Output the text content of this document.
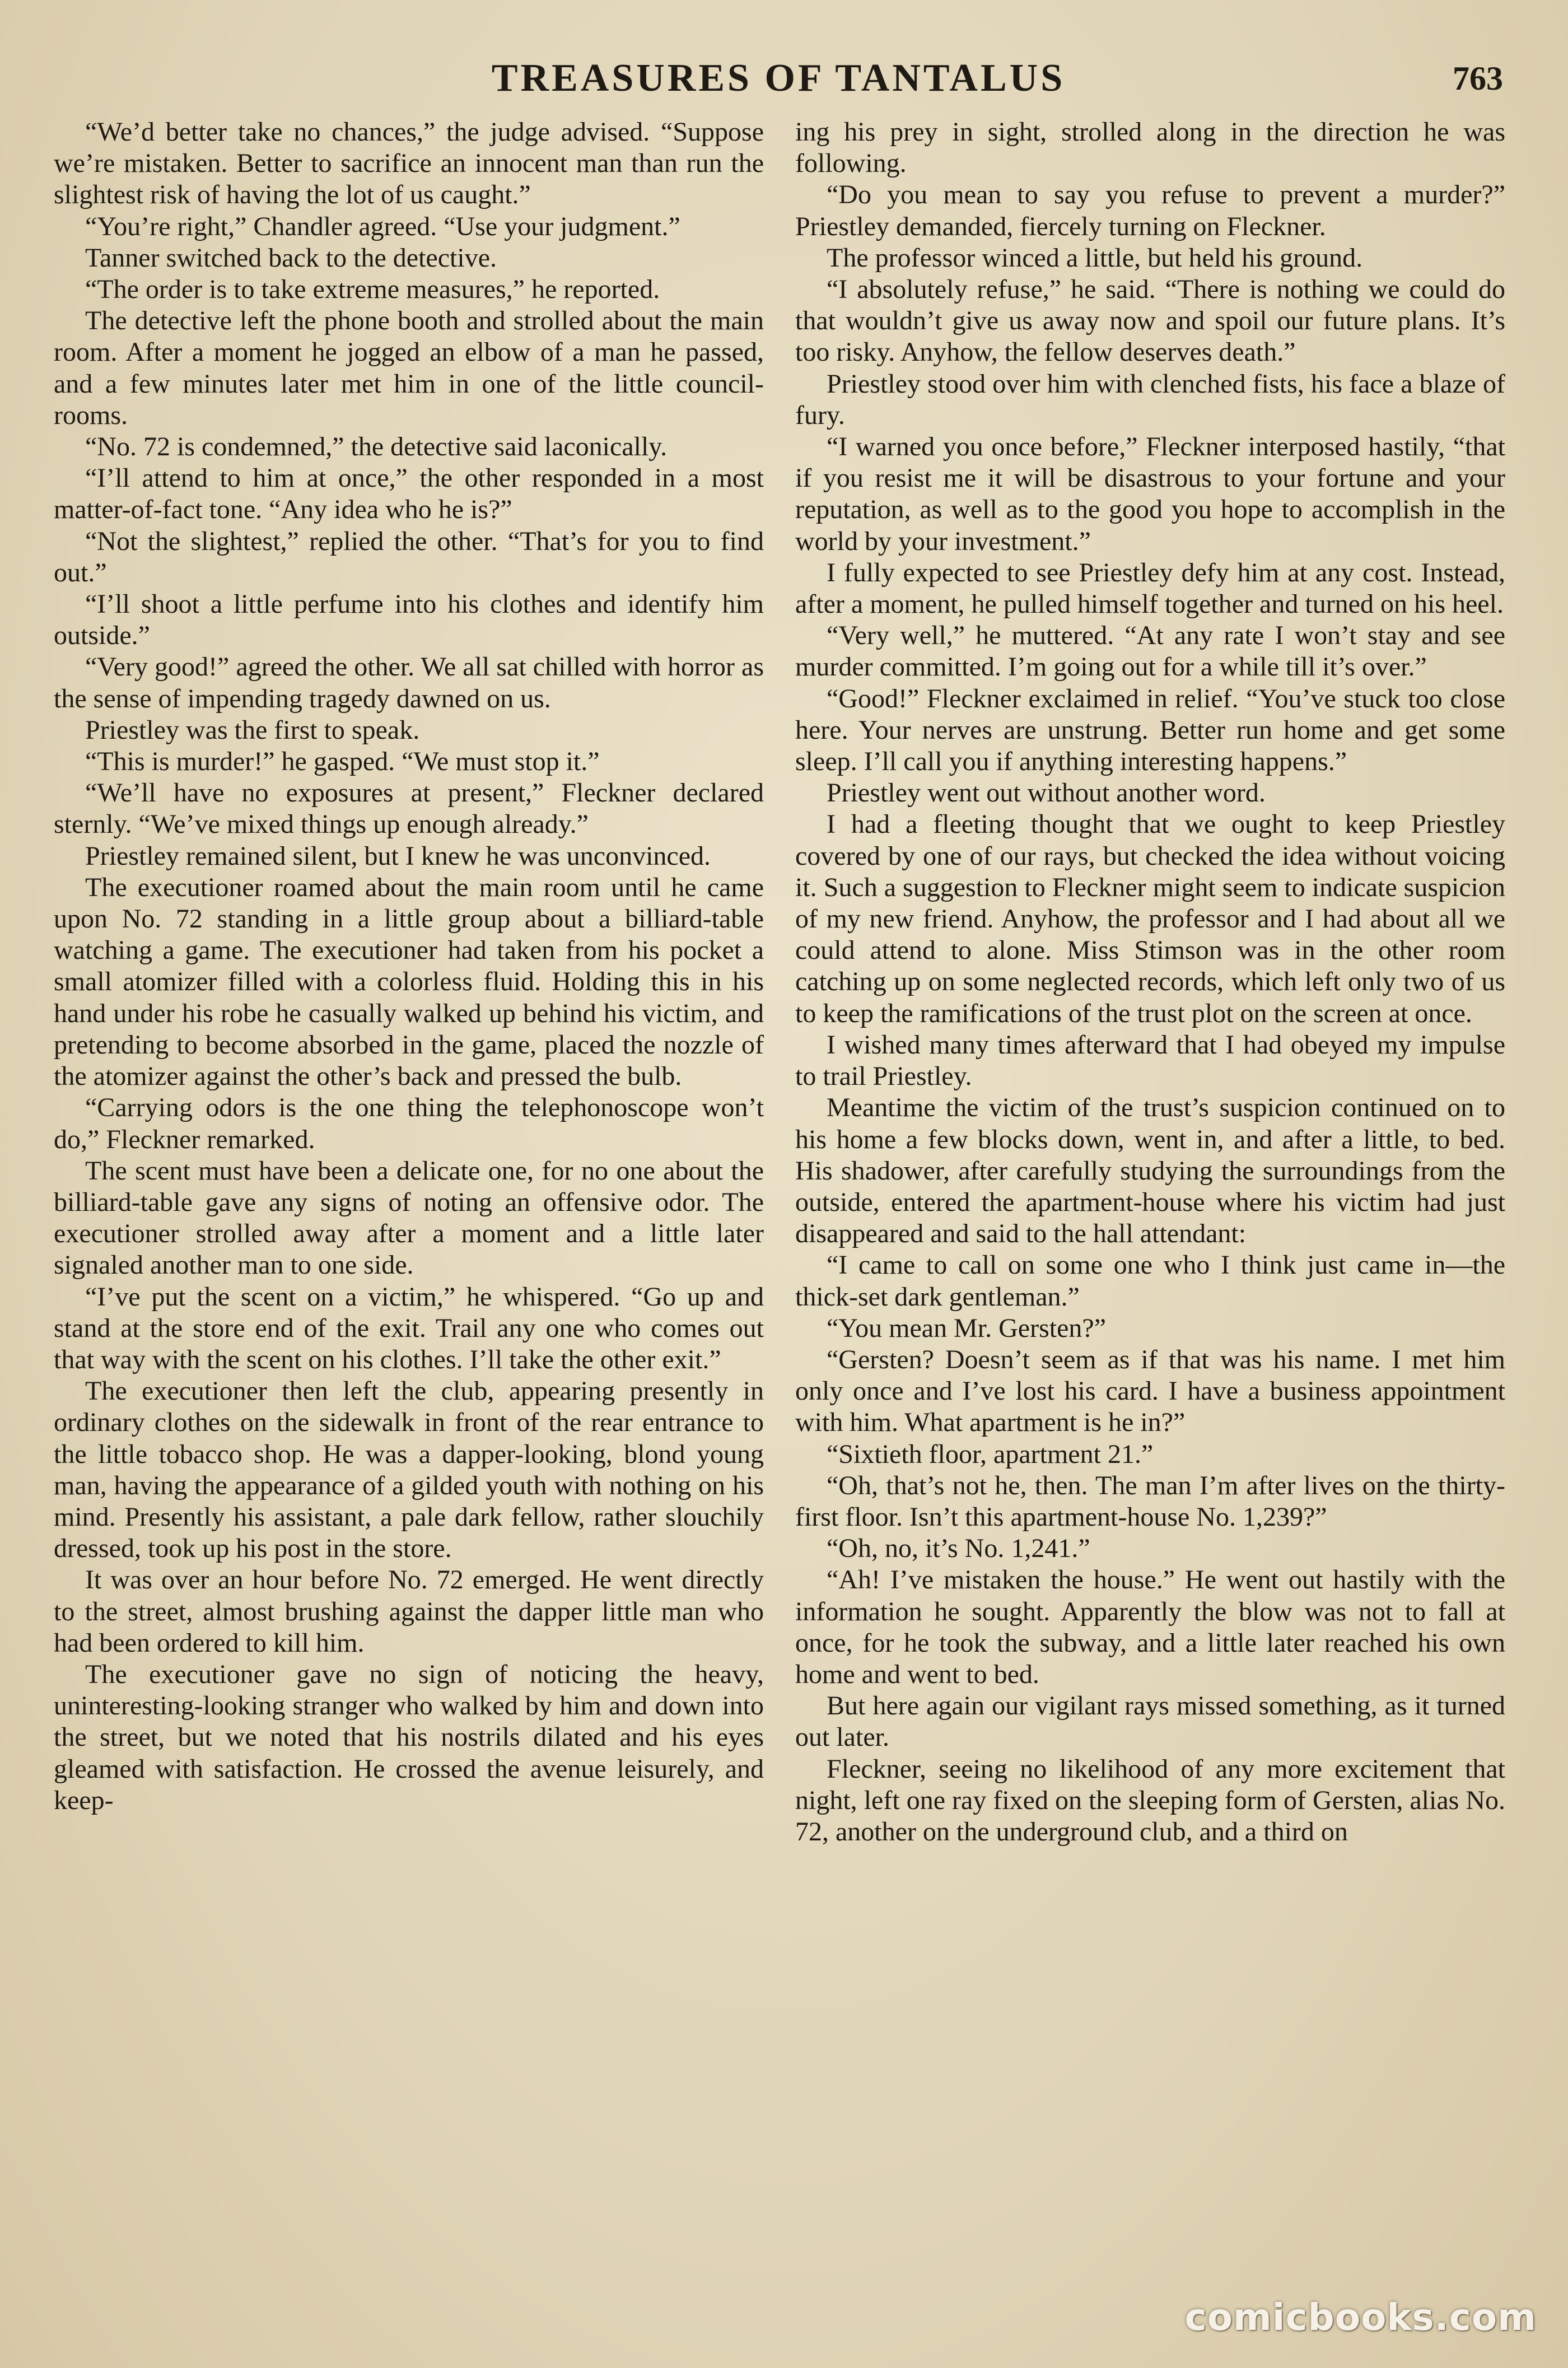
TREASURES OF TANTALUS	763

“We’d better take no chances,” the judge advised. “Suppose we’re mistaken. Better to sacrifice an innocent man than run the slightest risk of having the lot of us caught.”

“You’re right,” Chandler agreed. “Use your judgment.”

Tanner switched back to the detective.

“The order is to take extreme measures,” he reported.

The detective left the phone booth and strolled about the main room. After a moment he jogged an elbow of a man he passed, and a few minutes later met him in one of the little council-rooms.

“No. 72 is condemned,” the detective said laconically.

“I’ll attend to him at once,” the other responded in a most matter-of-fact tone. “Any idea who he is?”

“Not the slightest,” replied the other. “That’s for you to find out.”

“I’ll shoot a little perfume into his clothes and identify him outside.”

“Very good!” agreed the other. We all sat chilled with horror as the sense of impending tragedy dawned on us.

Priestley was the first to speak.

“This is murder!” he gasped. “We must stop it.”

“We’ll have no exposures at present,” Fleckner declared sternly. “We’ve mixed things up enough already.”

Priestley remained silent, but I knew he was unconvinced.

The executioner roamed about the main room until he came upon No. 72 standing in a little group about a billiard-table watching a game. The executioner had taken from his pocket a small atomizer filled with a colorless fluid. Holding this in his hand under his robe he casually walked up behind his victim, and pretending to become absorbed in the game, placed the nozzle of the atomizer against the other’s back and pressed the bulb.

“Carrying odors is the one thing the telephonoscope won’t do,” Fleckner remarked.

The scent must have been a delicate one, for no one about the billiard-table gave any signs of noting an offensive odor. The executioner strolled away after a moment and a little later signaled another man to one side.

“I’ve put the scent on a victim,” he whispered. “Go up and stand at the store end of the exit. Trail any one who comes out that way with the scent on his clothes. I’ll take the other exit.”

The executioner then left the club, appearing presently in ordinary clothes on the sidewalk in front of the rear entrance to the little tobacco shop. He was a dapper-looking, blond young man, having the appearance of a gilded youth with nothing on his mind. Presently his assistant, a pale dark fellow, rather slouchily dressed, took up his post in the store.

It was over an hour before No. 72 emerged. He went directly to the street, almost brushing against the dapper little man who had been ordered to kill him.

The executioner gave no sign of noticing the heavy, uninteresting-looking stranger who walked by him and down into the street, but we noted that his nostrils dilated and his eyes gleamed with satisfaction. He crossed the avenue leisurely, and keep-

ing his prey in sight, strolled along in the direction he was following.

“Do you mean to say you refuse to prevent a murder?” Priestley demanded, fiercely turning on Fleckner.

The professor winced a little, but held his ground.

“I absolutely refuse,” he said. “There is nothing we could do that wouldn’t give us away now and spoil our future plans. It’s too risky. Anyhow, the fellow deserves death.”

Priestley stood over him with clenched fists, his face a blaze of fury.

“I warned you once before,” Fleckner interposed hastily, “that if you resist me it will be disastrous to your fortune and your reputation, as well as to the good you hope to accomplish in the world by your investment.”

I fully expected to see Priestley defy him at any cost. Instead, after a moment, he pulled himself together and turned on his heel.

“Very well,” he muttered. “At any rate I won’t stay and see murder committed. I’m going out for a while till it’s over.”

“Good!” Fleckner exclaimed in relief. “You’ve stuck too close here. Your nerves are unstrung. Better run home and get some sleep. I’ll call you if anything interesting happens.”

Priestley went out without another word.

I had a fleeting thought that we ought to keep Priestley covered by one of our rays, but checked the idea without voicing it. Such a suggestion to Fleckner might seem to indicate suspicion of my new friend. Anyhow, the professor and I had about all we could attend to alone. Miss Stimson was in the other room catching up on some neglected records, which left only two of us to keep the ramifications of the trust plot on the screen at once.

I wished many times afterward that I had obeyed my impulse to trail Priestley.

Meantime the victim of the trust’s suspicion continued on to his home a few blocks down, went in, and after a little, to bed. His shadower, after carefully studying the surroundings from the outside, entered the apartment-house where his victim had just disappeared and said to the hall attendant:

“I came to call on some one who I think just came in—the thick-set dark gentleman.”

“You mean Mr. Gersten?”

“Gersten? Doesn’t seem as if that was his name. I met him only once and I’ve lost his card. I have a business appointment with him. What apartment is he in?”

“Sixtieth floor, apartment 21.”

“Oh, that’s not he, then. The man I’m after lives on the thirty-first floor. Isn’t this apartment-house No. 1,239?”

“Oh, no, it’s No. 1,241.”

“Ah! I’ve mistaken the house.” He went out hastily with the information he sought. Apparently the blow was not to fall at once, for he took the subway, and a little later reached his own home and went to bed.

But here again our vigilant rays missed something, as it turned out later.

Fleckner, seeing no likelihood of any more excitement that night, left one ray fixed on the sleeping form of Gersten, alias No. 72, another on the underground club, and a third on

comicbooks.com
